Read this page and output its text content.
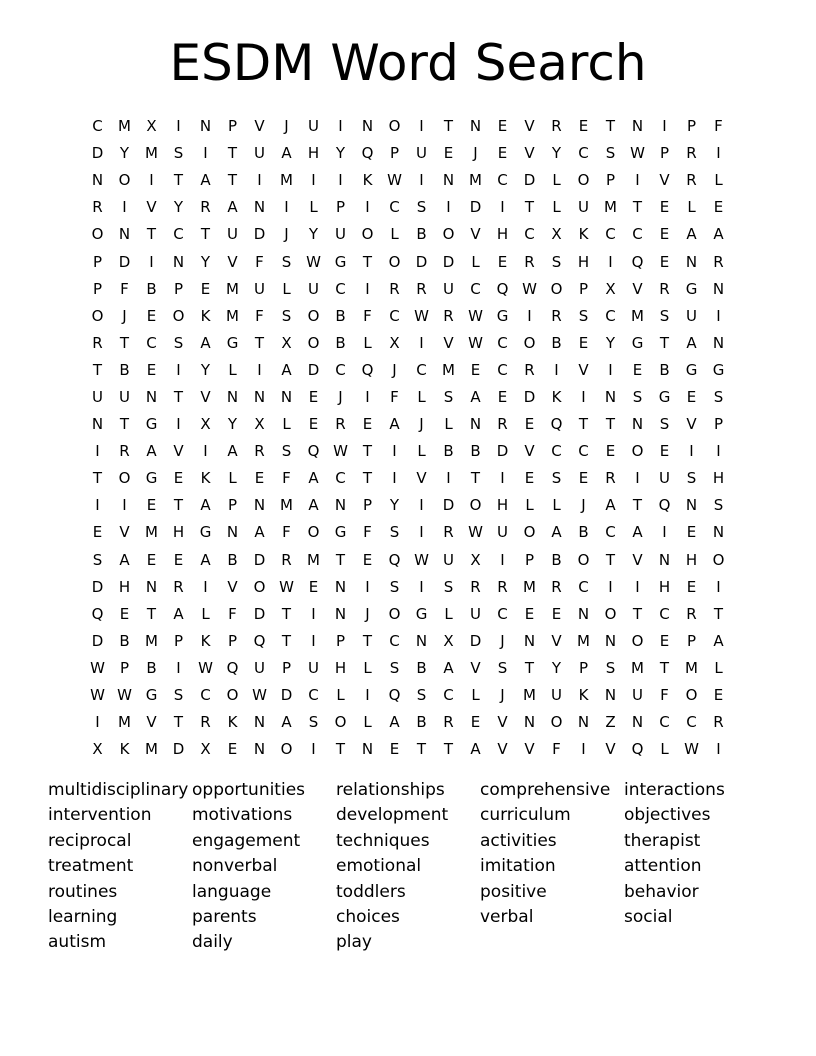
ESDM Word Search
C	M	X	I	N	P	V	J	U	I	N	O	I	T	N	E	V	R	E	T	N	I	P	F
D	Y	M	S	I	T	U	A	H	Y	Q	P	U	E	J	E	V	Y	C	S W	P	R	I
N	O	I	T	A	T	I	M	I	I	K W	I	N M	C	D	L	O	P	I	V	R	L
R	I	V	Y	R	A	N	I	L	P	I	C	S	I	D	I	T	L	U	M	T	E	L	E
O	N	T	C	T	U	D	J	Y	U	O	L	B	O	V	H	C	X	K	C	C	E	A	A
P	D	I	N	Y	V	F	S W G	T	O	D	D	L	E	R	S	H	I	Q	E	N	R
P	F	B	P	E	M	U	L	U	C	I	R	R	U	C	Q W O	P	X	V	R	G	N
O	J	E	O	K	M	F	S	O	B	F	C W R W G	I	R	S	C	M	S	U	I
R	T	C	S	A	G	T	X	O	B	L	X	I	V W C	O	B	E	Y	G	T	A	N
T	B	E	I	Y	L	I	A	D	C	Q	J	C	M	E	C	R	I	V	I	E	B	G	G
U	U	N	T	V	N	N	N	E	J	I	F	L	S	A	E	D	K	I	N	S	G	E	S
N	T	G	I	X	Y	X	L	E	R	E	A	J	L	N	R	E	Q	T	T	N	S	V	P
I	R	A	V	I	A	R	S	Q W T	I	L	B	B	D	V	C	C	E	O	E	I	I
T	O	G	E	K	L	E	F	A	C	T	I	V	I	T	I	E	S	E	R	I	U	S	H
I	I	E	T	A	P	N M	A	N	P	Y	I	D	O	H	L	L	J	A	T	Q	N	S
E	V	M H	G	N	A	F	O	G	F	S	I	R W U	O	A	B	C	A	I	E	N
S	A	E	E	A	B	D	R	M	T	E	Q W U	X	I	P	B	O	T	V	N	H	O
D	H	N	R	I	V	O W E	N	I	S	I	S	R	R	M	R	C	I	I	H	E	I
Q	E	T	A	L	F	D	T	I	N	J	O	G	L	U	C	E	E	N	O	T	C	R	T
D	B	M	P	K	P	Q	T	I	P	T	C	N	X	D	J	N	V	M N	O	E	P	A
W	P	B	I	W Q	U	P	U	H	L	S	B	A	V	S	T	Y	P	S	M	T	M	L
W W G	S	C	O W D	C	L	I	Q	S	C	L	J	M	U	K	N	U	F	O	E
I	M	V	T	R	K	N	A	S	O	L	A	B	R	E	V	N	O	N	Z	N	C	C	R
X	K	M D	X	E	N	O	I	T	N	E	T	T	A	V	V	F	I	V	Q	L	W	I
multidisciplinary
intervention
reciprocal
treatment
routines
learning
autism
opportunities
motivations
engagement
nonverbal
language
parents
daily
relationships
development
techniques
emotional
toddlers
choices
play
comprehensive
curriculum
activities
imitation
positive
verbal
interactions
objectives
therapist
attention
behavior
social
